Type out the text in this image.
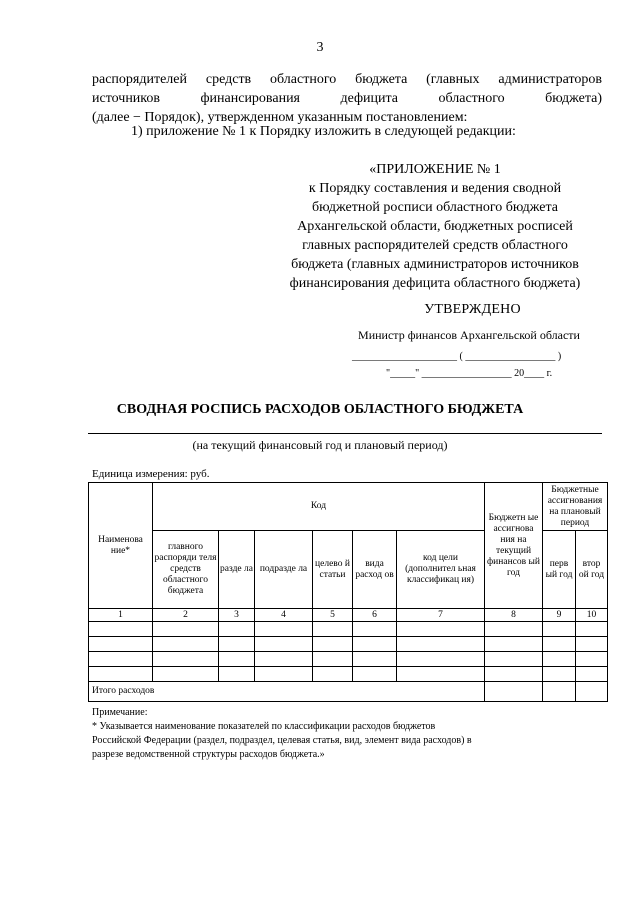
3
распорядителей средств областного бюджета (главных администраторов
источников финансирования дефицита областного бюджета)
(далее − Порядок), утвержденном указанным постановлением:
1) приложение № 1 к Порядку изложить в следующей редакции:
«ПРИЛОЖЕНИЕ № 1
к Порядку составления и ведения сводной
бюджетной росписи областного бюджета
Архангельской области, бюджетных росписей
главных распорядителей средств областного
бюджета (главных администраторов источников
финансирования дефицита областного бюджета)
УТВЕРЖДЕНО
Министр финансов Архангельской области
_____________________ ( __________________ )
"_____" __________________ 20____ г.
СВОДНАЯ РОСПИСЬ РАСХОДОВ ОБЛАСТНОГО БЮДЖЕТА
(на текущий финансовый год и плановый период)
Единица измерения: руб.
Наименова ние*	Код						Бюджетн ые ассигнова ния на текущий финансов ый год	Бюджетные ассигнования на плановый период	
	главного распоряди теля средств областного бюджета	разде ла	подразде ла	целево й статьи	вида расход ов	код цели (дополнител ьная классификац ия)		перв ый год	втор ой год
1	2	3	4	5	6	7	8	9	10

Итого расходов									
Примечание:
* Указывается наименование показателей по классификации расходов бюджетов
Российской Федерации (раздел, подраздел, целевая статья, вид, элемент вида расходов) в
разрезе ведомственной структуры расходов бюджета.»
